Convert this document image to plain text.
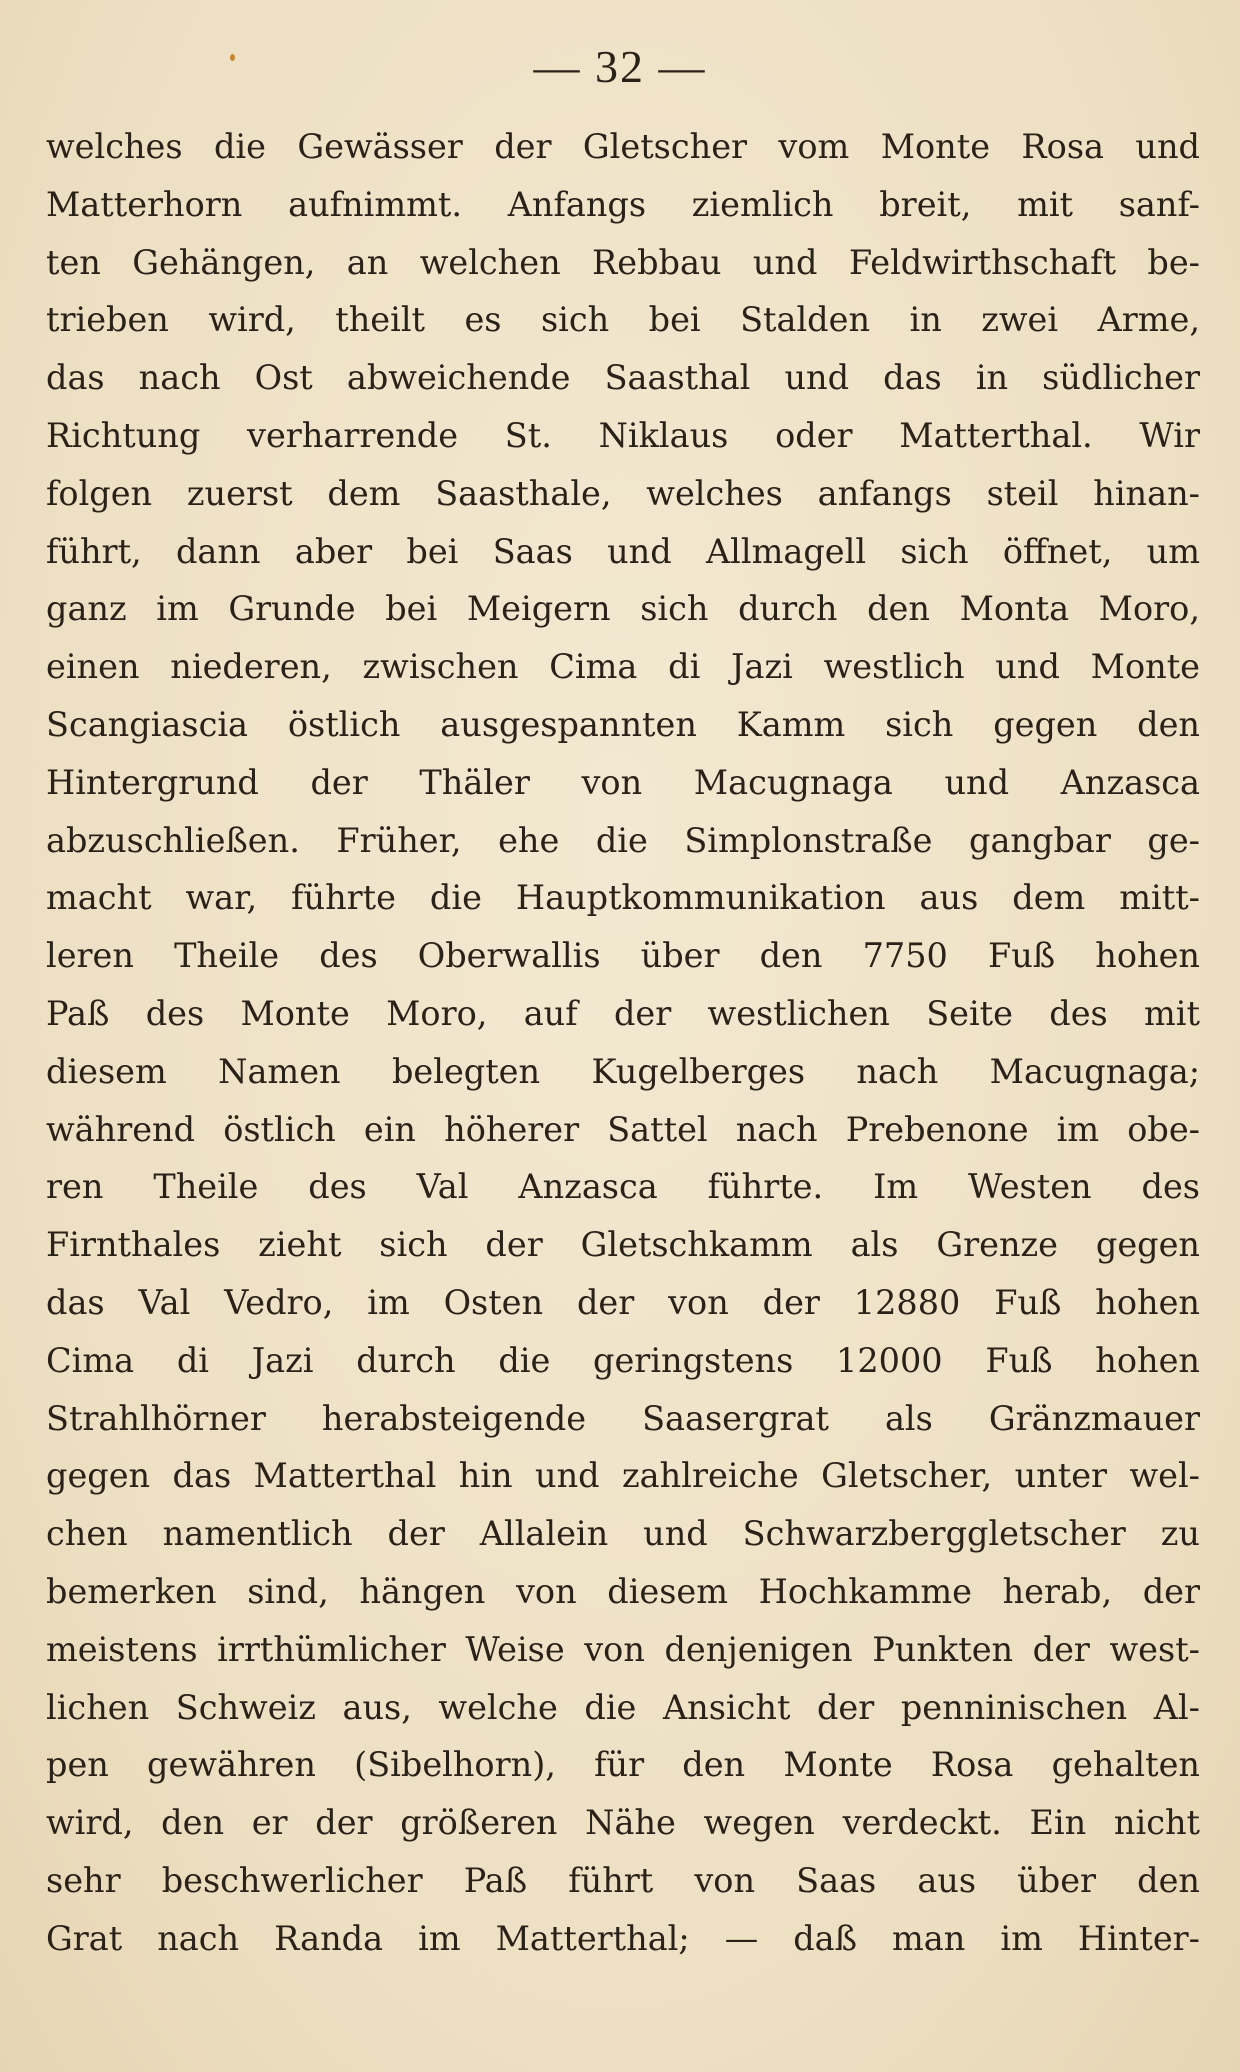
— 32 —
welches die Gewässer der Gletscher vom Monte Rosa und
Matterhorn aufnimmt. Anfangs ziemlich breit, mit sanf-
ten Gehängen, an welchen Rebbau und Feldwirthschaft be-
trieben wird, theilt es sich bei Stalden in zwei Arme,
das nach Ost abweichende Saasthal und das in südlicher
Richtung verharrende St. Niklaus oder Matterthal. Wir
folgen zuerst dem Saasthale, welches anfangs steil hinan-
führt, dann aber bei Saas und Allmagell sich öffnet, um
ganz im Grunde bei Meigern sich durch den Monta Moro,
einen niederen, zwischen Cima di Jazi westlich und Monte
Scangiascia östlich ausgespannten Kamm sich gegen den
Hintergrund der Thäler von Macugnaga und Anzasca
abzuschließen. Früher, ehe die Simplonstraße gangbar ge-
macht war, führte die Hauptkommunikation aus dem mitt-
leren Theile des Oberwallis über den 7750 Fuß hohen
Paß des Monte Moro, auf der westlichen Seite des mit
diesem Namen belegten Kugelberges nach Macugnaga;
während östlich ein höherer Sattel nach Prebenone im obe-
ren Theile des Val Anzasca führte. Im Westen des
Firnthales zieht sich der Gletschkamm als Grenze gegen
das Val Vedro, im Osten der von der 12880 Fuß hohen
Cima di Jazi durch die geringstens 12000 Fuß hohen
Strahlhörner herabsteigende Saasergrat als Gränzmauer
gegen das Matterthal hin und zahlreiche Gletscher, unter wel-
chen namentlich der Allalein und Schwarzberggletscher zu
bemerken sind, hängen von diesem Hochkamme herab, der
meistens irrthümlicher Weise von denjenigen Punkten der west-
lichen Schweiz aus, welche die Ansicht der penninischen Al-
pen gewähren (Sibelhorn), für den Monte Rosa gehalten
wird, den er der größeren Nähe wegen verdeckt. Ein nicht
sehr beschwerlicher Paß führt von Saas aus über den
Grat nach Randa im Matterthal; — daß man im Hinter-
